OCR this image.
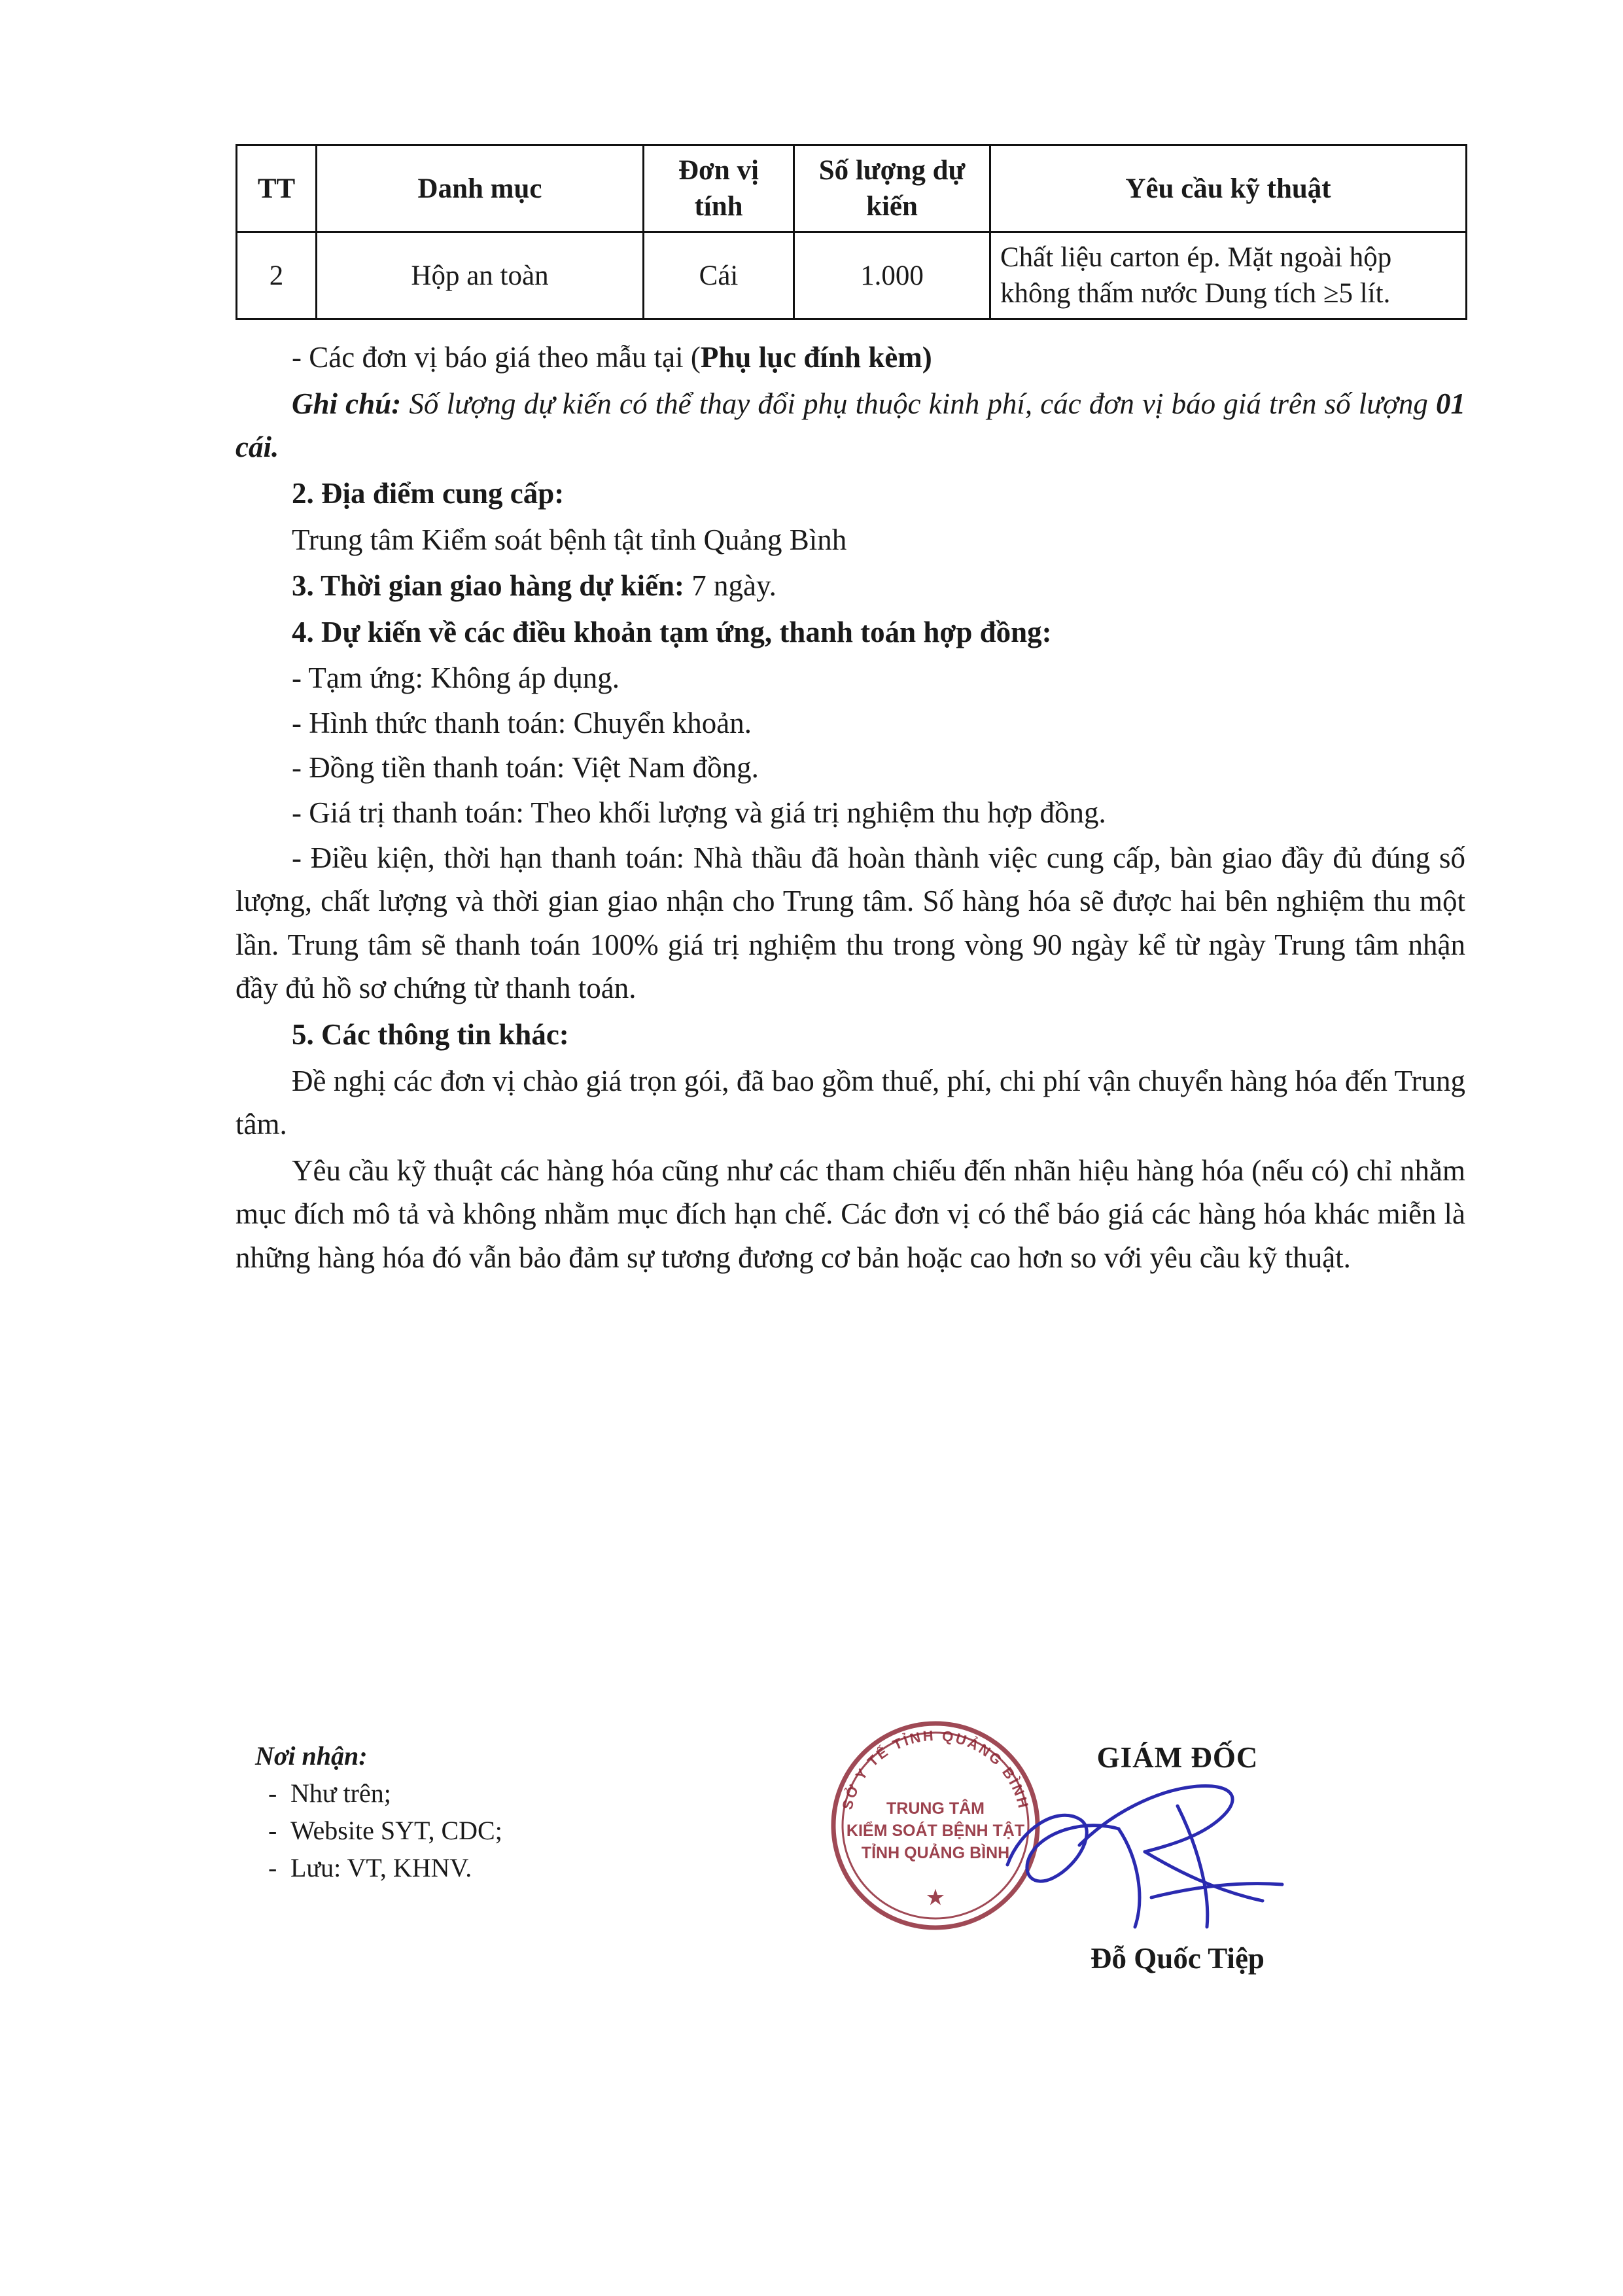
TT	Danh mục	Đơn vị tính	Số lượng dự kiến	Yêu cầu kỹ thuật
2	Hộp an toàn	Cái	1.000	Chất liệu carton ép. Mặt ngoài hộp không thấm nước Dung tích ≥5 lít.

- Các đơn vị báo giá theo mẫu tại (Phụ lục đính kèm)

Ghi chú: Số lượng dự kiến có thể thay đổi phụ thuộc kinh phí, các đơn vị báo giá trên số lượng 01 cái.

2. Địa điểm cung cấp:

Trung tâm Kiểm soát bệnh tật tỉnh Quảng Bình

3. Thời gian giao hàng dự kiến: 7 ngày.

4. Dự kiến về các điều khoản tạm ứng, thanh toán hợp đồng:

- Tạm ứng: Không áp dụng.

- Hình thức thanh toán: Chuyển khoản.

- Đồng tiền thanh toán: Việt Nam đồng.

- Giá trị thanh toán: Theo khối lượng và giá trị nghiệm thu hợp đồng.

- Điều kiện, thời hạn thanh toán: Nhà thầu đã hoàn thành việc cung cấp, bàn giao đầy đủ đúng số lượng, chất lượng và thời gian giao nhận cho Trung tâm. Số hàng hóa sẽ được hai bên nghiệm thu một lần. Trung tâm sẽ thanh toán 100% giá trị nghiệm thu trong vòng 90 ngày kể từ ngày Trung tâm nhận đầy đủ hồ sơ chứng từ thanh toán.

5. Các thông tin khác:

Đề nghị các đơn vị chào giá trọn gói, đã bao gồm thuế, phí, chi phí vận chuyển hàng hóa đến Trung tâm.

Yêu cầu kỹ thuật các hàng hóa cũng như các tham chiếu đến nhãn hiệu hàng hóa (nếu có) chỉ nhằm mục đích mô tả và không nhằm mục đích hạn chế. Các đơn vị có thể báo giá các hàng hóa khác miễn là những hàng hóa đó vẫn bảo đảm sự tương đương cơ bản hoặc cao hơn so với yêu cầu kỹ thuật.

Nơi nhận:
- Như trên;
- Website SYT, CDC;
- Lưu: VT, KHNV.
GIÁM ĐỐC
Đỗ Quốc Tiệp
SỞ Y TẾ TỈNH QUẢNG BÌNH
TRUNG TÂM
KIỂM SOÁT BỆNH TẬT
TỈNH QUẢNG BÌNH
★
